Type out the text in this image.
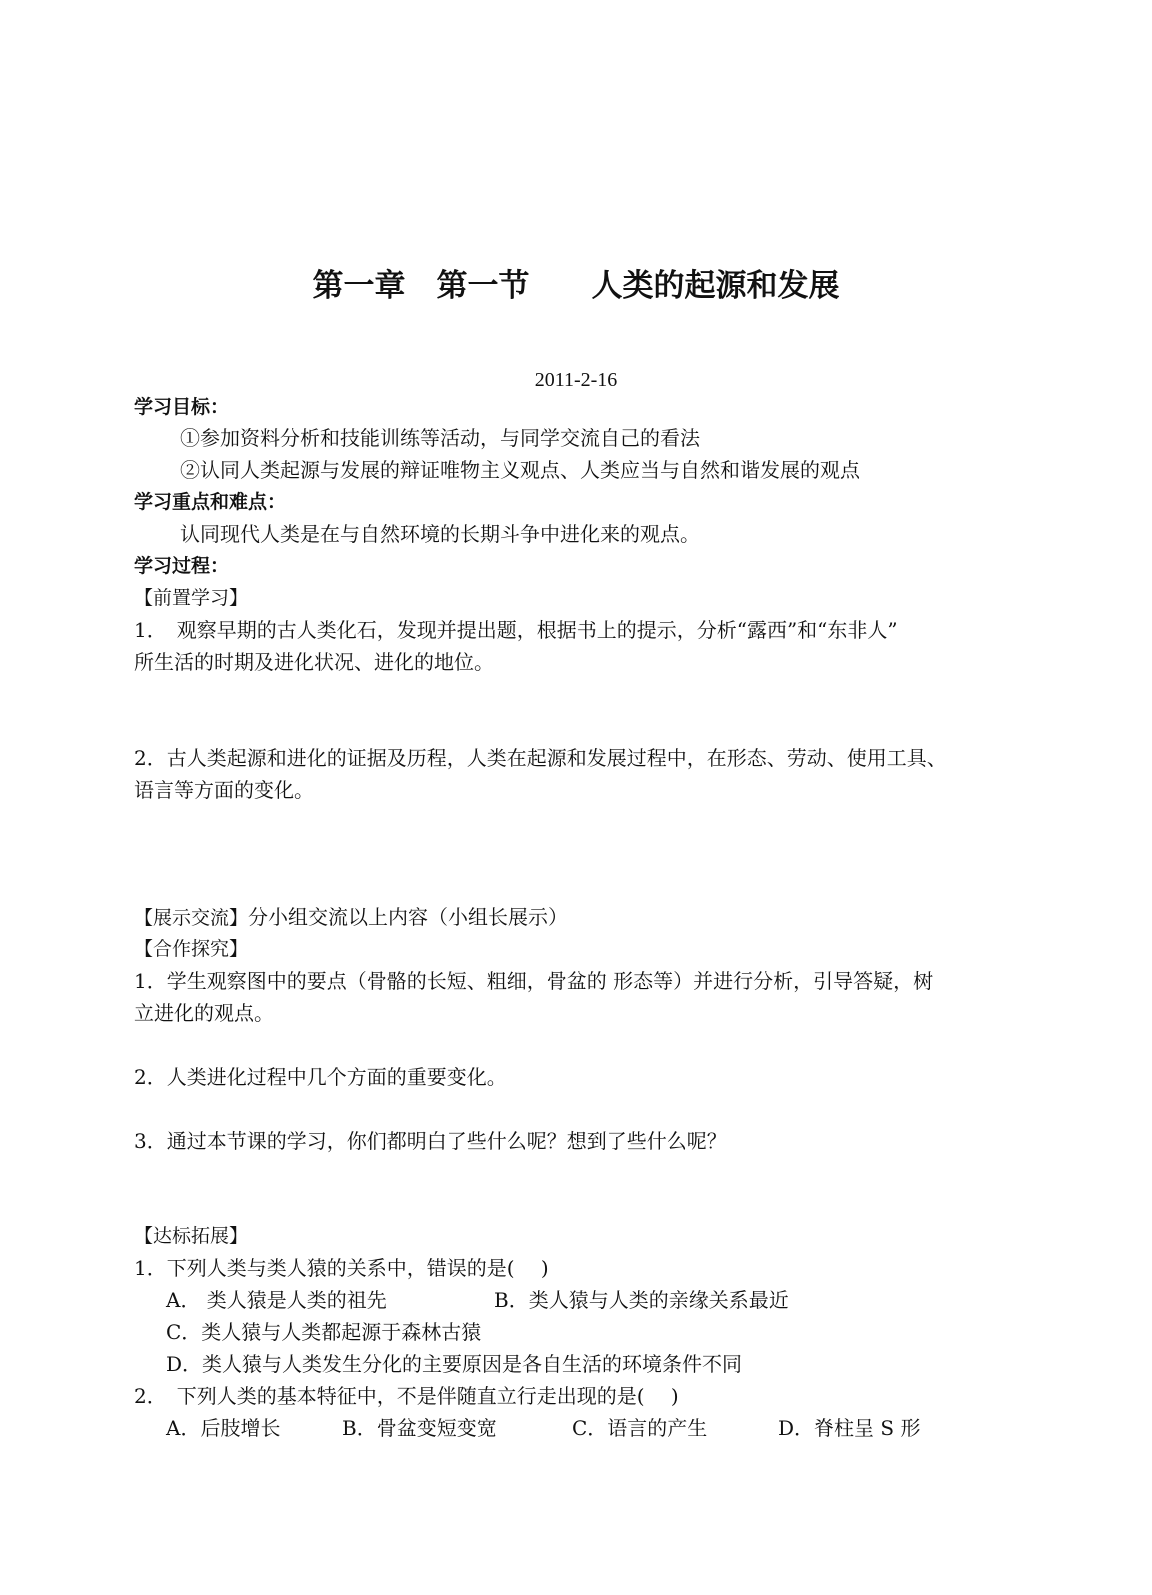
第一章　第一节　　人类的起源和发展
2011-2-16
学习目标：
①参加资料分析和技能训练等活动，与同学交流自己的看法
②认同人类起源与发展的辩证唯物主义观点、人类应当与自然和谐发展的观点
学习重点和难点：
认同现代人类是在与自然环境的长期斗争中进化来的观点。
学习过程：
【前置学习】
1．　观察早期的古人类化石，发现并提出题，根据书上的提示，分析“露西”和“东非人”
所生活的时期及进化状况、进化的地位。
2．古人类起源和进化的证据及历程，人类在起源和发展过程中，在形态、劳动、使用工具、
语言等方面的变化。
【展示交流】分小组交流以上内容（小组长展示）
【合作探究】
1．学生观察图中的要点（骨骼的长短、粗细，骨盆的 形态等）并进行分析，引导答疑，树
立进化的观点。
2．人类进化过程中几个方面的重要变化。
3．通过本节课的学习，你们都明白了些什么呢？想到了些什么呢？
【达标拓展】
1．下列人类与类人猿的关系中，错误的是(　 )
A． 类人猿是人类的祖先	B．类人猿与人类的亲缘关系最近
C．类人猿与人类都起源于森林古猿
D．类人猿与人类发生分化的主要原因是各自生活的环境条件不同
2．　下列人类的基本特征中，不是伴随直立行走出现的是(　 )
A．后肢增长	B．骨盆变短变宽	C．语言的产生	D．脊柱呈 S 形
